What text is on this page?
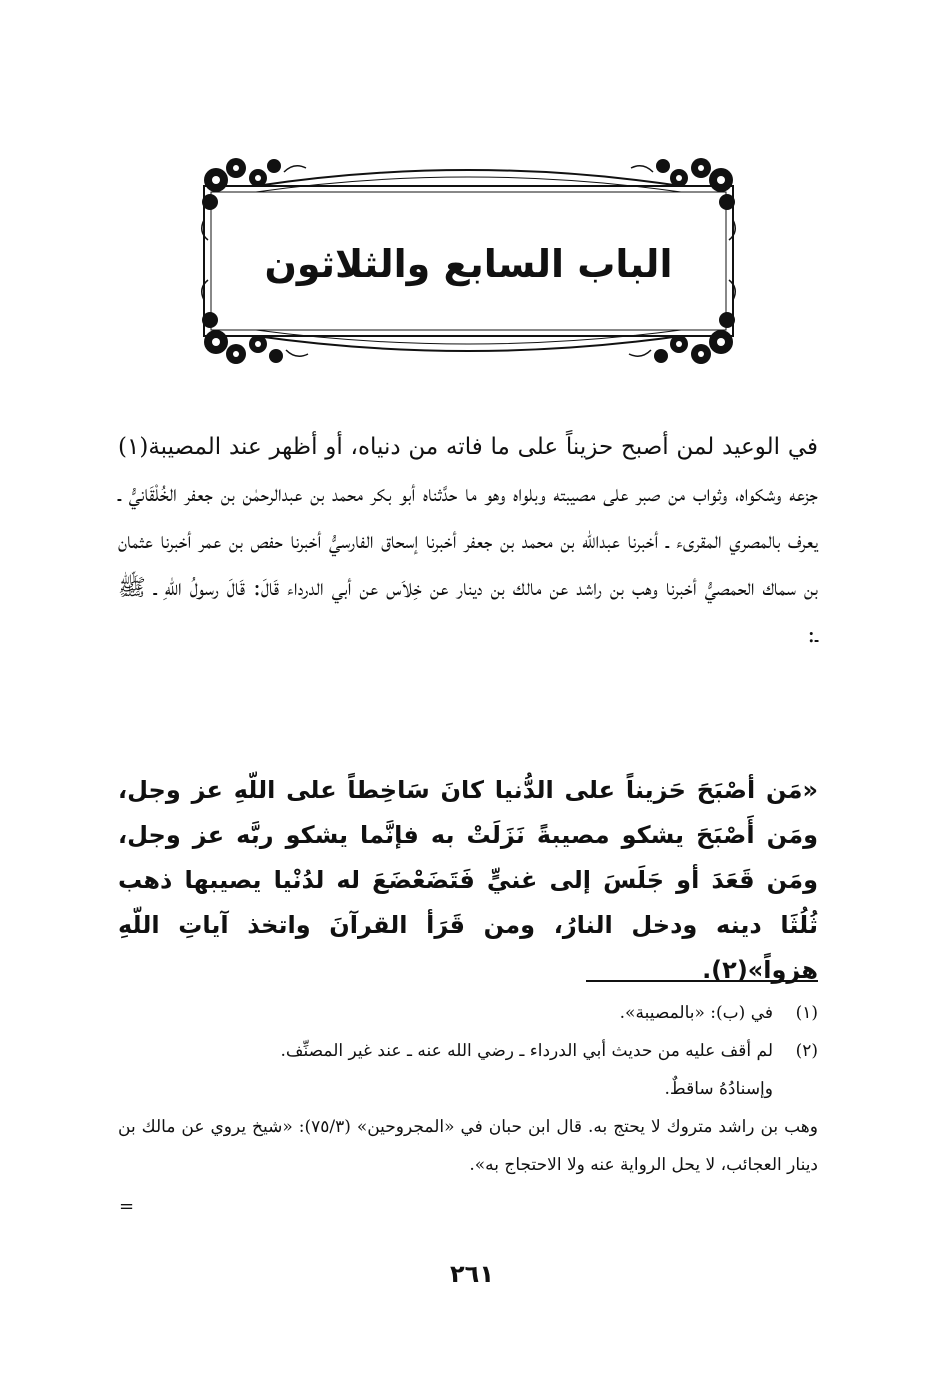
الباب السابع والثلاثون

في الوعيد لمن أصبح حزيناً على ما فاته من دنياه، أو أظهر عند المصيبة(١) جزعه وشكواه، وثواب من صبر على مصيبته وبلواه وهو ما حدَّثناه أبو بكر محمد بن عبدالرحمٰن بن جعفر الخُلْقَانيُّ ـ يعرف بالمصري المقرىء ـ أخبرنا عبدالله بن محمد بن جعفر أخبرنا إسحاق الفارسيُّ أخبرنا حفص بن عمر أخبرنا عثمان بن سماك الحمصيُّ أخبرنا وهب بن راشد عن مالك بن دينار عن خِلاَس عن أبي الدرداء قَالَ: قَالَ رسولُ اللّهِ ـ ﷺ ـ:

«مَن أصْبَحَ حَزيناً على الدُّنيا كانَ سَاخِطاً على اللّهِ عز وجل، ومَن أَصْبَحَ يشكو مصيبةً نَزَلَتْ به فإنَّما يشكو ربَّه عز وجل، ومَن قَعَدَ أو جَلَسَ إلى غنيٍّ فَتَضَعْضَعَ له لدُنْيا يصيبها ذهب ثُلُثَا دينه ودخل النارُ، ومن قَرَأ القرآنَ واتخذ آياتِ اللّهِ هزواً»(٢).

(١)
في (ب): «بالمصيبة».
(٢)
لم أقف عليه من حديث أبي الدرداء ـ رضي الله عنه ـ عند غير المصنِّف.

وإسنادُهُ ساقطٌ.

وهب بن راشد متروك لا يحتج به. قال ابن حبان في «المجروحين» (٧٥/٣): «شيخ يروي عن مالك بن دينار العجائب، لا يحل الرواية عنه ولا الاحتجاج به».

=
٢٦١
